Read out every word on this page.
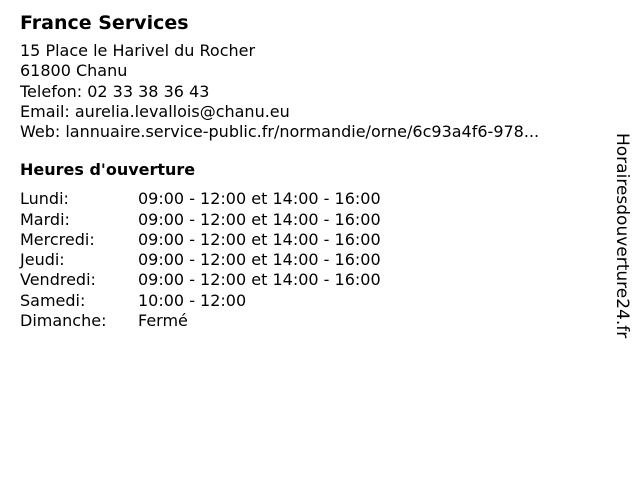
France Services
15 Place le Harivel du Rocher
61800 Chanu
Telefon: 02 33 38 36 43
Email: aurelia.levallois@chanu.eu
Web: lannuaire.service-public.fr/normandie/orne/6c93a4f6-978...
Heures d'ouverture
Lundi:	09:00 - 12:00 et 14:00 - 16:00
Mardi:	09:00 - 12:00 et 14:00 - 16:00
Mercredi:	09:00 - 12:00 et 14:00 - 16:00
Jeudi:	09:00 - 12:00 et 14:00 - 16:00
Vendredi:	09:00 - 12:00 et 14:00 - 16:00
Samedi:	10:00 - 12:00
Dimanche:	Fermé	Horairesdouverture24.fr
